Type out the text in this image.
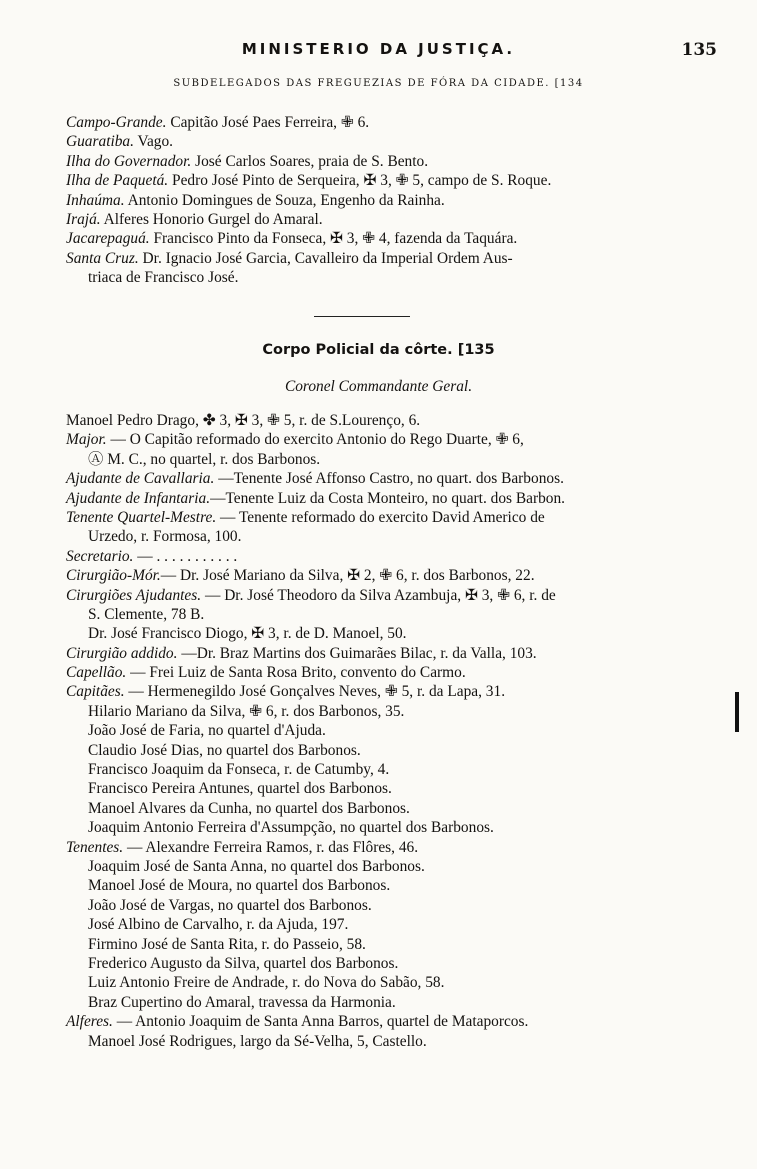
MINISTERIO DA JUSTIÇA.	135
SUBDELEGADOS DAS FREGUEZIAS DE FÓRA DA CIDADE. [134
Campo-Grande. Capitão José Paes Ferreira, ✙ 6.
Guaratiba. Vago.
Ilha do Governador. José Carlos Soares, praia de S. Bento.
Ilha de Paquetá. Pedro José Pinto de Serqueira, ✠ 3, ✙ 5, campo de S. Roque.
Inhaúma. Antonio Domingues de Souza, Engenho da Rainha.
Irajá. Alferes Honorio Gurgel do Amaral.
Jacarepaguá. Francisco Pinto da Fonseca, ✠ 3, ✙ 4, fazenda da Taquára.
Santa Cruz. Dr. Ignacio José Garcia, Cavalleiro da Imperial Ordem Aus-
triaca de Francisco José.
Corpo Policial da côrte. [135
Coronel Commandante Geral.
Manoel Pedro Drago, ✤ 3, ✠ 3, ✙ 5, r. de S.Lourenço, 6.
Major. — O Capitão reformado do exercito Antonio do Rego Duarte, ✙ 6,
Ⓐ M. C., no quartel, r. dos Barbonos.
Ajudante de Cavallaria. —Tenente José Affonso Castro, no quart. dos Barbonos.
Ajudante de Infantaria.—Tenente Luiz da Costa Monteiro, no quart. dos Barbon.
Tenente Quartel-Mestre. — Tenente reformado do exercito David Americo de
Urzedo, r. Formosa, 100.
Secretario. — . . . . . . . . . . .
Cirurgião-Mór.— Dr. José Mariano da Silva, ✠ 2, ✙ 6, r. dos Barbonos, 22.
Cirurgiões Ajudantes. — Dr. José Theodoro da Silva Azambuja, ✠ 3, ✙ 6, r. de
S. Clemente, 78 B.
Dr. José Francisco Diogo, ✠ 3, r. de D. Manoel, 50.
Cirurgião addido. —Dr. Braz Martins dos Guimarães Bilac, r. da Valla, 103.
Capellão. — Frei Luiz de Santa Rosa Brito, convento do Carmo.
Capitães. — Hermenegildo José Gonçalves Neves, ✙ 5, r. da Lapa, 31.
Hilario Mariano da Silva, ✙ 6, r. dos Barbonos, 35.
João José de Faria, no quartel d'Ajuda.
Claudio José Dias, no quartel dos Barbonos.
Francisco Joaquim da Fonseca, r. de Catumby, 4.
Francisco Pereira Antunes, quartel dos Barbonos.
Manoel Alvares da Cunha, no quartel dos Barbonos.
Joaquim Antonio Ferreira d'Assumpção, no quartel dos Barbonos.
Tenentes. — Alexandre Ferreira Ramos, r. das Flôres, 46.
Joaquim José de Santa Anna, no quartel dos Barbonos.
Manoel José de Moura, no quartel dos Barbonos.
João José de Vargas, no quartel dos Barbonos.
José Albino de Carvalho, r. da Ajuda, 197.
Firmino José de Santa Rita, r. do Passeio, 58.
Frederico Augusto da Silva, quartel dos Barbonos.
Luiz Antonio Freire de Andrade, r. do Nova do Sabão, 58.
Braz Cupertino do Amaral, travessa da Harmonia.
Alferes. — Antonio Joaquim de Santa Anna Barros, quartel de Mataporcos.
Manoel José Rodrigues, largo da Sé-Velha, 5, Castello.
